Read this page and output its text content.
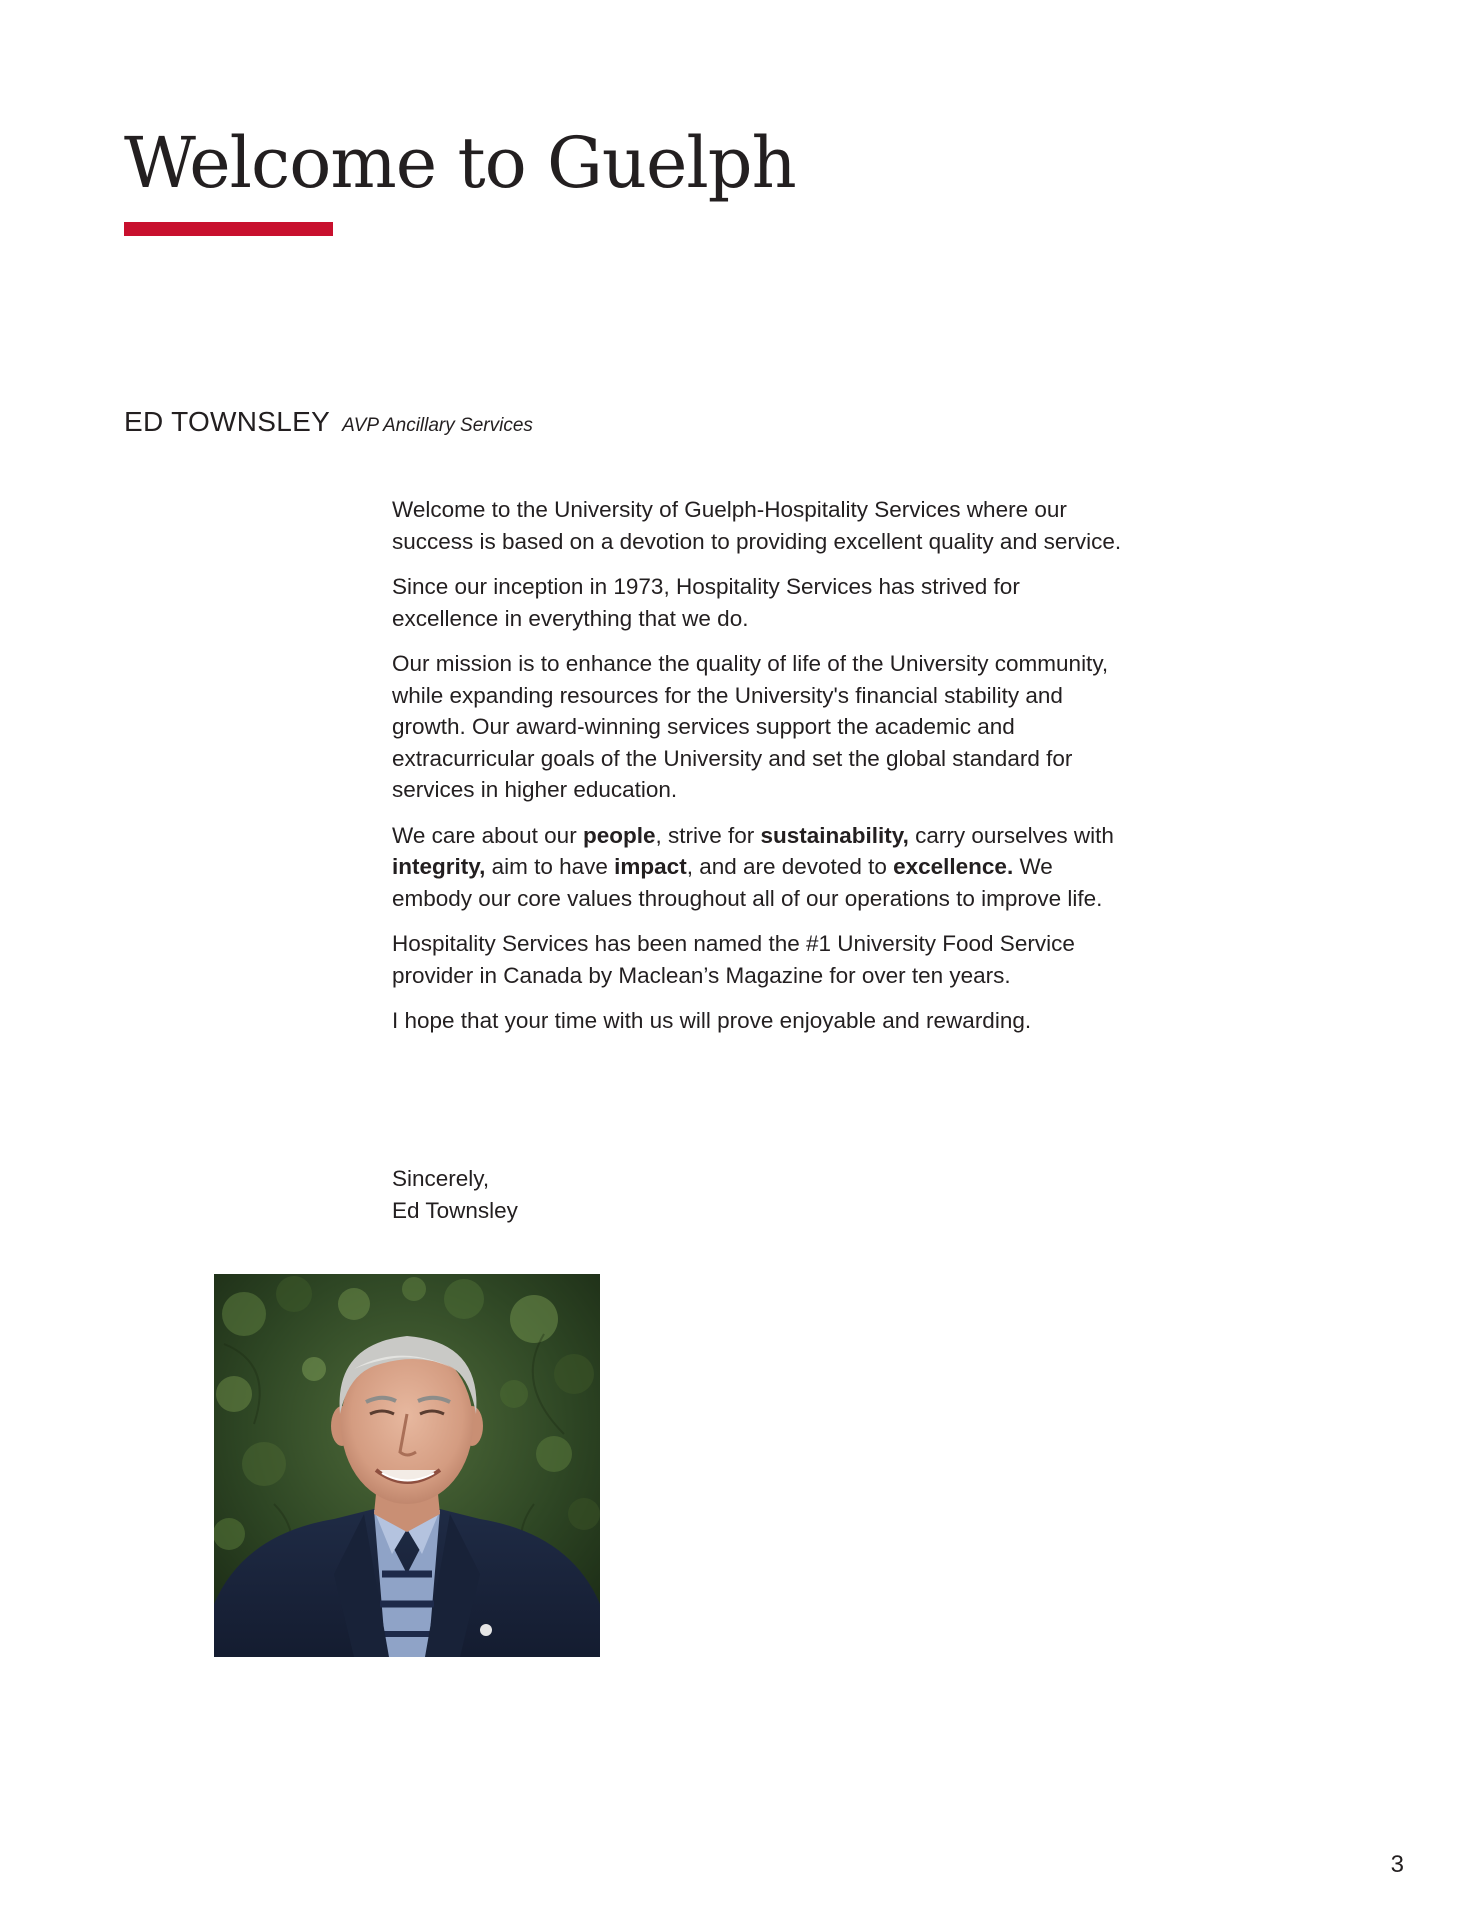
Welcome to Guelph
ED TOWNSLEY AVP Ancillary Services

Welcome to the University of Guelph-Hospitality Services where our success is based on a devotion to providing excellent quality and service.

Since our inception in 1973, Hospitality Services has strived for excellence in everything that we do.

Our mission is to enhance the quality of life of the University community, while expanding resources for the University's financial stability and growth. Our award-winning services support the academic and extracurricular goals of the University and set the global standard for services in higher education.

We care about our people, strive for sustainability, carry ourselves with integrity, aim to have impact, and are devoted to excellence. We embody our core values throughout all of our operations to improve life.

Hospitality Services has been named the #1 University Food Service provider in Canada by Maclean’s Magazine for over ten years.

I hope that your time with us will prove enjoyable and rewarding.

Sincerely,
Ed Townsley
3
